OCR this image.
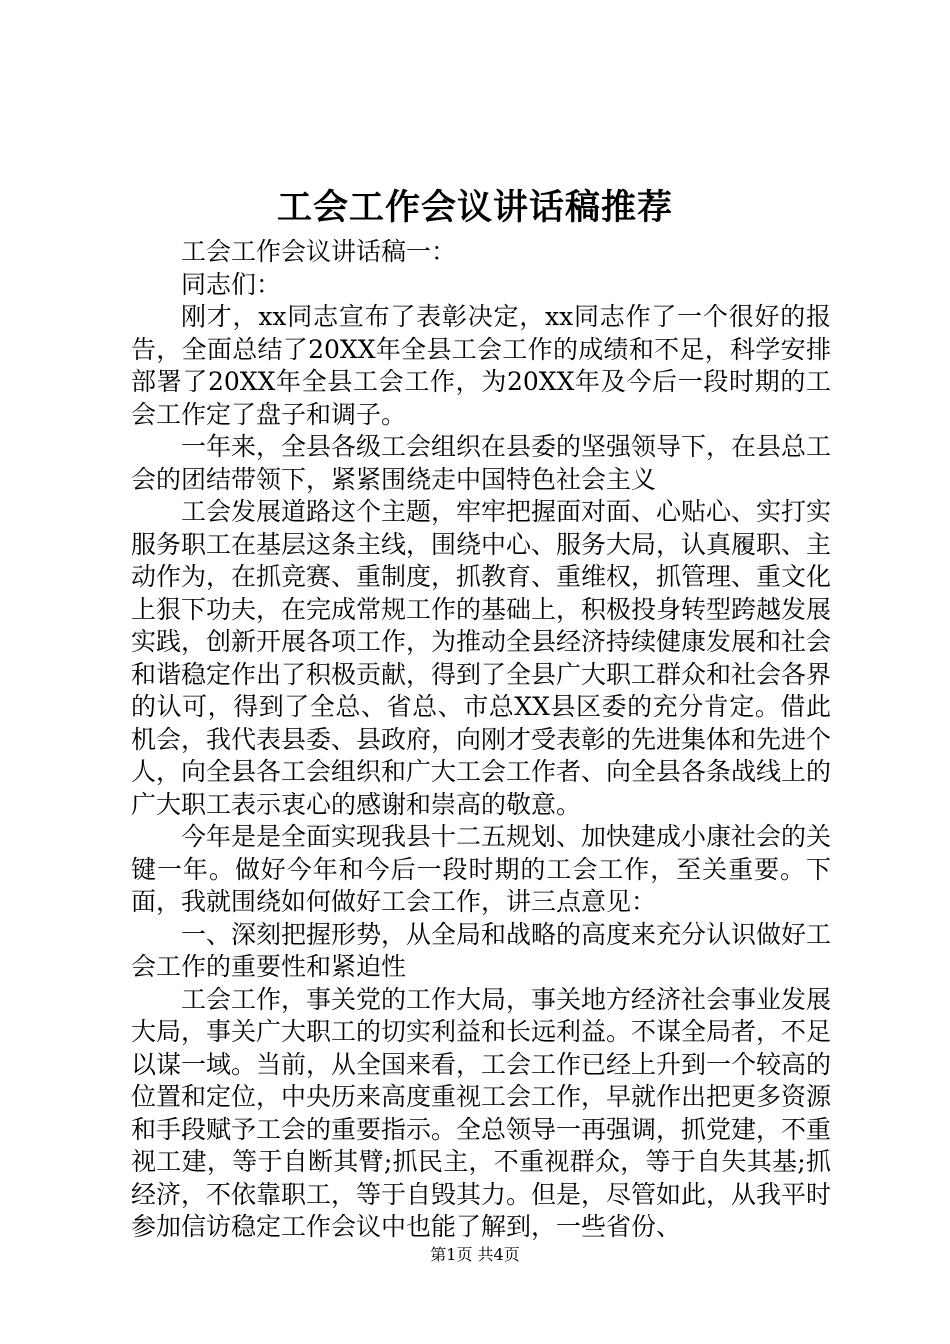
工会工作会议讲话稿推荐

工会工作会议讲话稿一：

同志们：

刚才，xx同志宣布了表彰决定，xx同志作了一个很好的报告，全面总结了20XX年全县工会工作的成绩和不足，科学安排部署了20XX年全县工会工作，为20XX年及今后一段时期的工会工作定了盘子和调子。

一年来，全县各级工会组织在县委的坚强领导下，在县总工会的团结带领下，紧紧围绕走中国特色社会主义

工会发展道路这个主题，牢牢把握面对面、心贴心、实打实服务职工在基层这条主线，围绕中心、服务大局，认真履职、主动作为，在抓竞赛、重制度，抓教育、重维权，抓管理、重文化上狠下功夫，在完成常规工作的基础上，积极投身转型跨越发展实践，创新开展各项工作，为推动全县经济持续健康发展和社会和谐稳定作出了积极贡献，得到了全县广大职工群众和社会各界的认可，得到了全总、省总、市总XX县区委的充分肯定。借此机会，我代表县委、县政府，向刚才受表彰的先进集体和先进个人，向全县各工会组织和广大工会工作者、向全县各条战线上的广大职工表示衷心的感谢和崇高的敬意。

今年是是全面实现我县十二五规划、加快建成小康社会的关键一年。做好今年和今后一段时期的工会工作，至关重要。下面，我就围绕如何做好工会工作，讲三点意见：

一、深刻把握形势，从全局和战略的高度来充分认识做好工会工作的重要性和紧迫性

工会工作，事关党的工作大局，事关地方经济社会事业发展大局，事关广大职工的切实利益和长远利益。不谋全局者，不足以谋一域。当前，从全国来看，工会工作已经上升到一个较高的位置和定位，中央历来高度重视工会工作，早就作出把更多资源和手段赋予工会的重要指示。全总领导一再强调，抓党建，不重视工建，等于自断其臂;抓民主，不重视群众，等于自失其基;抓经济，不依靠职工，等于自毁其力。但是，尽管如此，从我平时参加信访稳定工作会议中也能了解到，一些省份、

第1页 共4页
